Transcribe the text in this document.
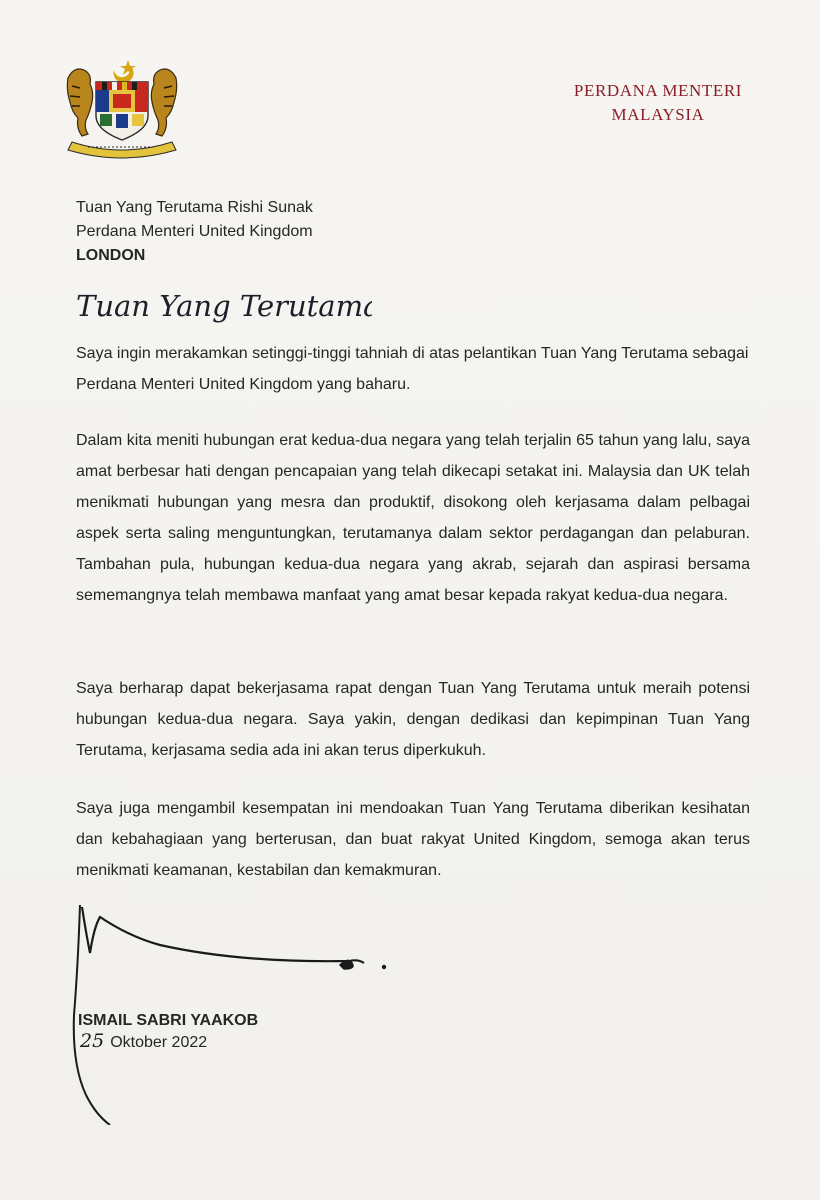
PERDANA MENTERI
MALAYSIA
Tuan Yang Terutama Rishi Sunak
Perdana Menteri United Kingdom
LONDON
Tuan Yang Terutama,

Saya ingin merakamkan setinggi-tinggi tahniah di atas pelantikan Tuan Yang Terutama sebagai Perdana Menteri United Kingdom yang baharu.

Dalam kita meniti hubungan erat kedua-dua negara yang telah terjalin 65 tahun yang lalu, saya amat berbesar hati dengan pencapaian yang telah dikecapi setakat ini. Malaysia dan UK telah menikmati hubungan yang mesra dan produktif, disokong oleh kerjasama dalam pelbagai aspek serta saling menguntungkan, terutamanya dalam sektor perdagangan dan pelaburan. Tambahan pula, hubungan kedua-dua negara yang akrab, sejarah dan aspirasi bersama sememangnya telah membawa manfaat yang amat besar kepada rakyat kedua-dua negara.

Saya berharap dapat bekerjasama rapat dengan Tuan Yang Terutama untuk meraih potensi hubungan kedua-dua negara. Saya yakin, dengan dedikasi dan kepimpinan Tuan Yang Terutama, kerjasama sedia ada ini akan terus diperkukuh.

Saya juga mengambil kesempatan ini mendoakan Tuan Yang Terutama diberikan kesihatan dan kebahagiaan yang berterusan, dan buat rakyat United Kingdom, semoga akan terus menikmati keamanan, kestabilan dan kemakmuran.

ISMAIL SABRI YAAKOB
25 Oktober 2022
